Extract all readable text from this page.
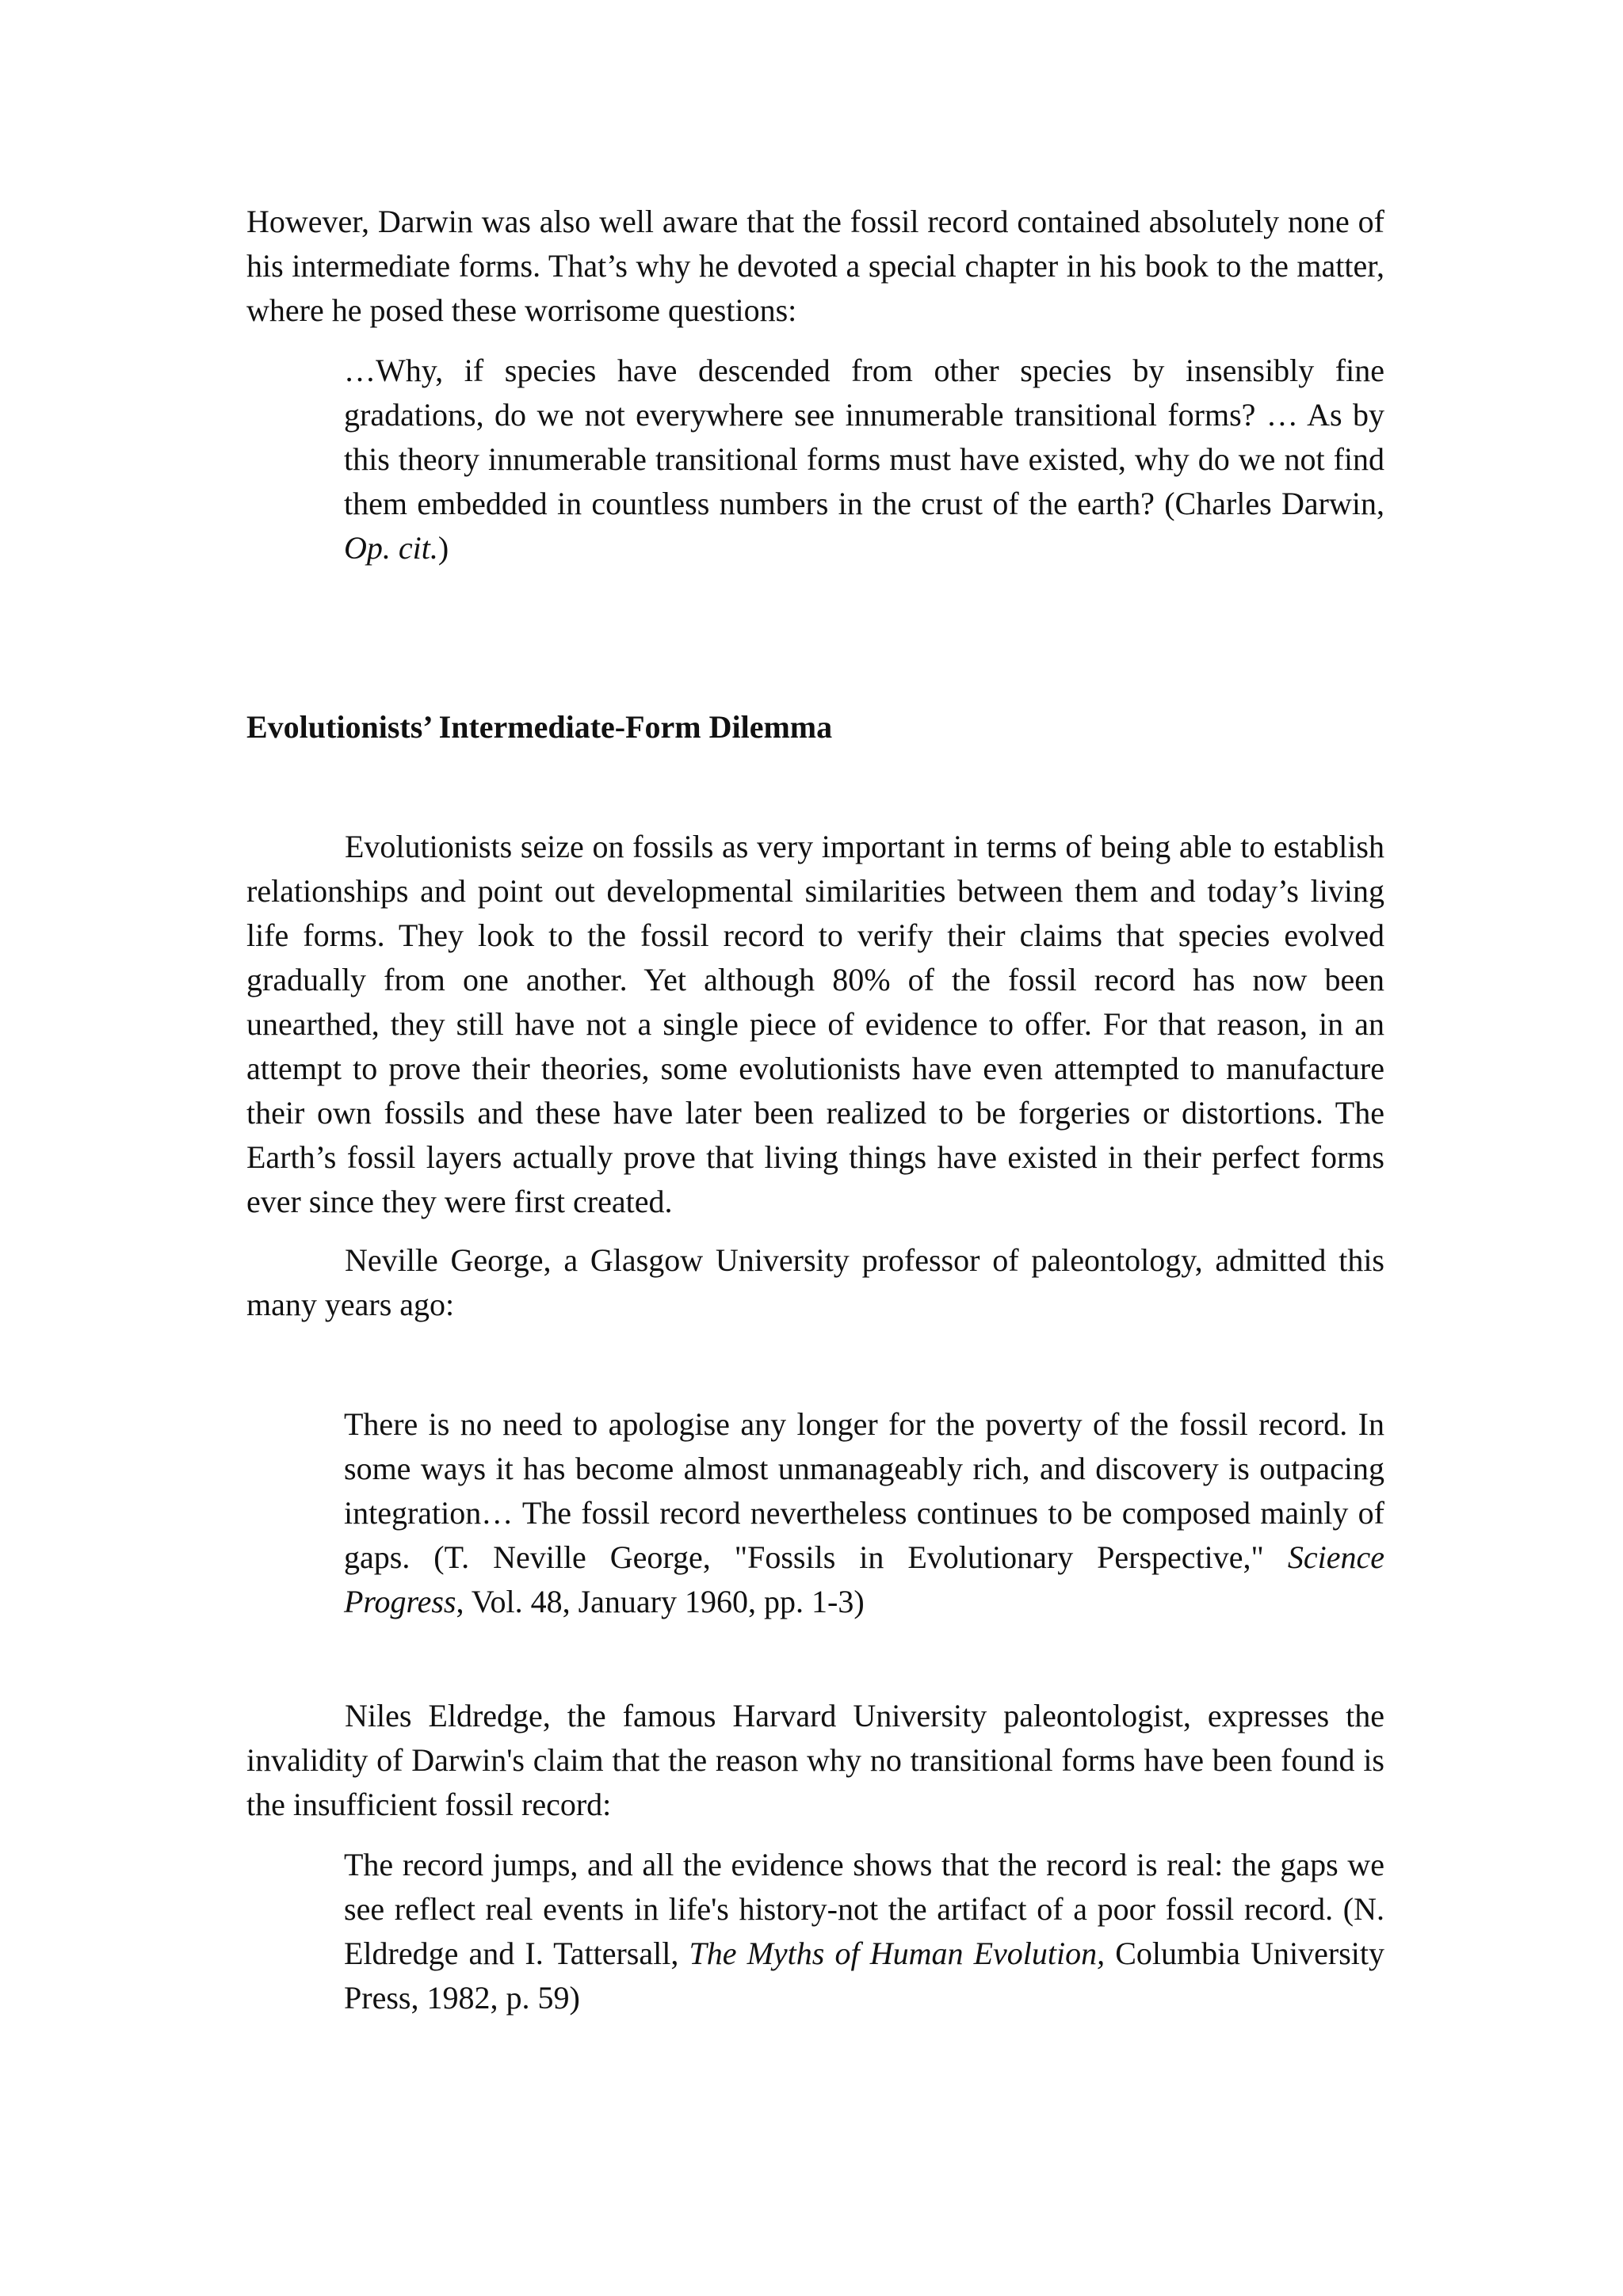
However, Darwin was also well aware that the fossil record contained absolutely none of his intermediate forms. That’s why he devoted a special chapter in his book to the matter, where he posed these worrisome questions:

…Why, if species have descended from other species by insensibly fine gradations, do we not everywhere see innumerable transitional forms? … As by this theory innumerable transitional forms must have existed, why do we not find them embedded in countless numbers in the crust of the earth? (Charles Darwin, Op. cit.)

Evolutionists’ Intermediate-Form Dilemma

Evolutionists seize on fossils as very important in terms of being able to establish relationships and point out developmental similarities between them and today’s living life forms. They look to the fossil record to verify their claims that species evolved gradually from one another. Yet although 80% of the fossil record has now been unearthed, they still have not a single piece of evidence to offer. For that reason, in an attempt to prove their theories, some evolutionists have even attempted to manufacture their own fossils and these have later been realized to be forgeries or distortions. The Earth’s fossil layers actually prove that living things have existed in their perfect forms ever since they were first created.

Neville George, a Glasgow University professor of paleontology, admitted this many years ago:

There is no need to apologise any longer for the poverty of the fossil record. In some ways it has become almost unmanageably rich, and discovery is outpacing integration… The fossil record nevertheless continues to be composed mainly of gaps. (T. Neville George, "Fossils in Evolutionary Perspective," Science Progress, Vol. 48, January 1960, pp. 1-3)

Niles Eldredge, the famous Harvard University paleontologist, expresses the invalidity of Darwin's claim that the reason why no transitional forms have been found is the insufficient fossil record:

The record jumps, and all the evidence shows that the record is real: the gaps we see reflect real events in life's history-not the artifact of a poor fossil record. (N. Eldredge and I. Tattersall, The Myths of Human Evolution, Columbia University Press, 1982, p. 59)
